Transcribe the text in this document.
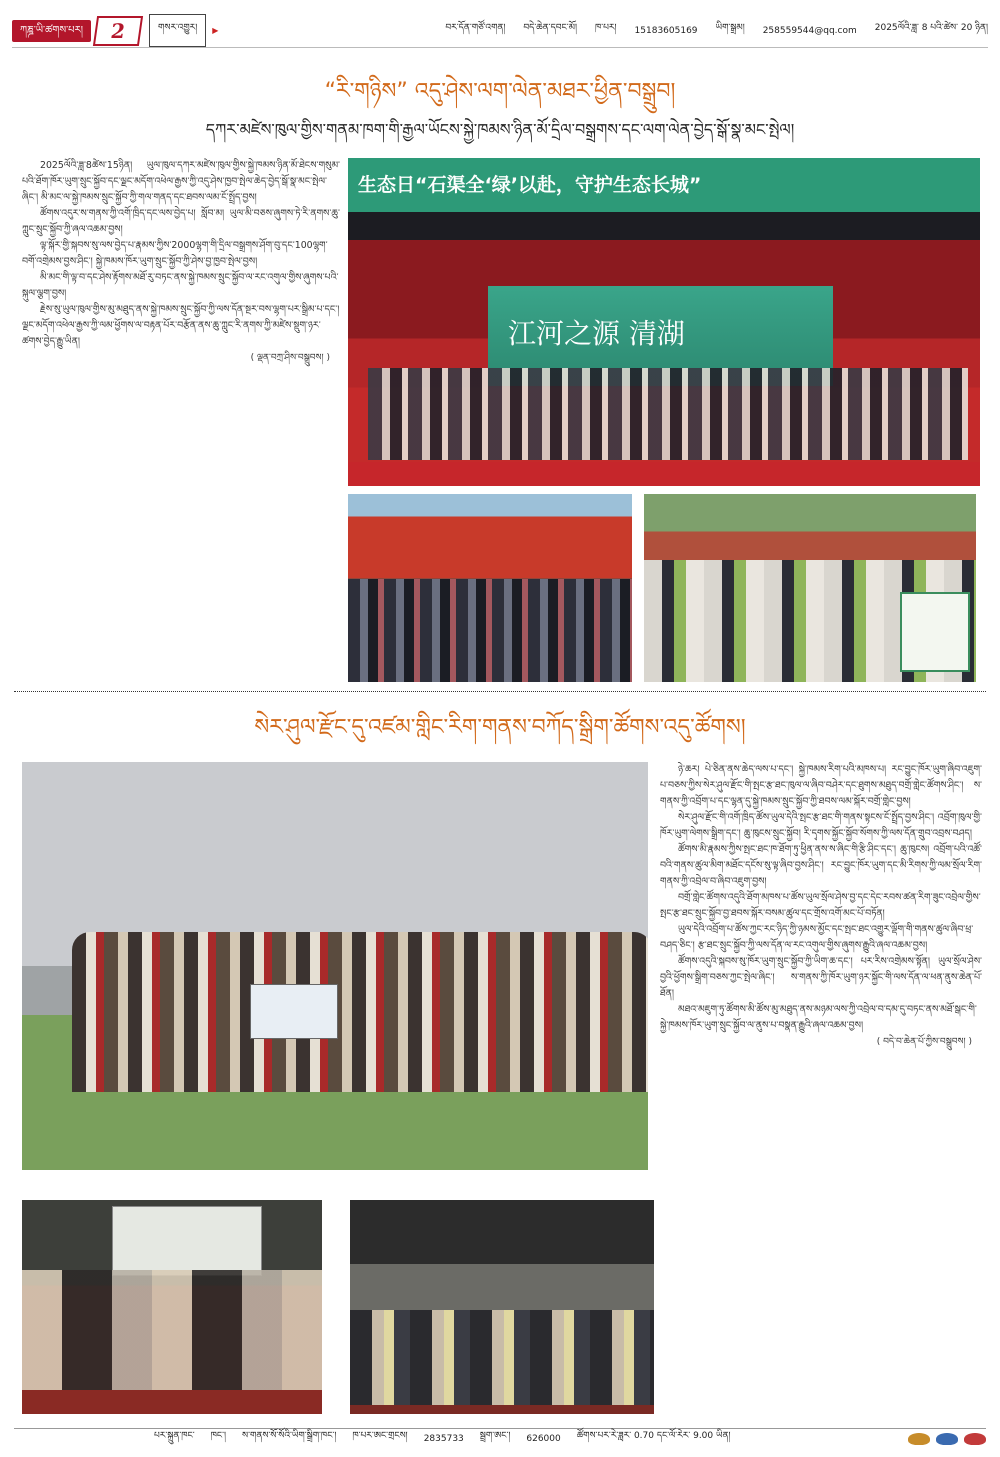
ཀཎྜ་ཡི་ཚགས་པར།	2	གསར་འགྱུར།	▶	བར་དོན་གཙོ་འགན། བདེ་ཆེན་དབང་མོ། ཁ་པར། 15183605169 ཡིག་སྒྲམ། 258559544@qq.com 2025ལོའི་ཟླ་ 8 པའི་ཚེས་ 20 ཉིན།
“རི་གཉིས” འདུ་ཤེས་ལག་ལེན་མཐར་ཕྱིན་བསྒྲུབ།
དཀར་མཛེས་ཁུལ་གྱིས་གནམ་ཁག་གི་རྒྱལ་ཡོངས་སྐྱེ་ཁམས་ཉིན་མོ་དྲིལ་བསྒྲགས་དང་ལག་ལེན་བྱེད་སྒོ་སྣ་མང་སྤེལ།

2025ལོའི་ཟླ་8ཚེས་15ཉིན། ཡུལ་ཁུལ་དཀར་མཛེས་ཁུལ་གྱིས་སྐྱེ་ཁམས་ཉིན་མོ་ཐེངས་གསུམ་པའི་ཐོག་ཁོར་ཡུག་སྲུང་སྐྱོབ་དང་ལྗང་མདོག་འཕེལ་རྒྱས་ཀྱི་འདུ་ཤེས་ཁྱབ་སྤེལ་ཆེད་བྱེད་སྒོ་སྣ་མང་སྤེལ་ཞིང་། མི་མང་ལ་སྐྱེ་ཁམས་སྲུང་སྐྱོབ་ཀྱི་གལ་གནད་དང་ཐབས་ལམ་ངོ་སྤྲོད་བྱས།

ཚོགས་འདུར་ས་གནས་ཀྱི་འགོ་ཁྲིད་དང་ལས་བྱེད་པ། སློབ་མ། ཡུལ་མི་བཅས་ཞུགས་ཏེ་རི་ནགས་ཆུ་ཀླུང་སྲུང་སྐྱོབ་ཀྱི་ཞལ་འཆམ་བྱས།

ལྟ་སྐོར་གྱི་སྐབས་སུ་ལས་བྱེད་པ་རྣམས་ཀྱིས་2000ལྷག་གི་དྲིལ་བསྒྲགས་ཤོག་བུ་དང་100ལྷག་བགོ་འགྲེམས་བྱས་ཤིང་། སྐྱེ་ཁམས་ཁོར་ཡུག་སྲུང་སྐྱོབ་ཀྱི་ཤེས་བྱ་ཁྱབ་སྤེལ་བྱས།

མི་མང་གི་ལྟ་བ་དང་ཤེས་རྟོགས་མཐོ་རུ་བཏང་ནས་སྐྱེ་ཁམས་སྲུང་སྐྱོབ་ལ་རང་འགུལ་གྱིས་ཞུགས་པའི་སྐུལ་ལྕག་བྱས།

རྗེས་སུ་ཡུལ་ཁུལ་གྱིས་མུ་མཐུད་ནས་སྐྱེ་ཁམས་སྲུང་སྐྱོབ་ཀྱི་ལས་དོན་སྔར་བས་ལྷག་པར་སྒྲིམ་པ་དང་། ལྗང་མདོག་འཕེལ་རྒྱས་ཀྱི་ལམ་ཕྱོགས་ལ་བརྟན་པོར་བརྩོན་ནས་ཆུ་ཀླུང་རི་ནགས་ཀྱི་མཛེས་སྡུག་ཉར་ཚགས་བྱེད་རྒྱུ་ཡིན།

( ལྡན་བཀྲ་ཤིས་བསྒྲུབས། )
生态日“石渠全‘绿’以赴，守护生态长城”
江河之源 清湖
སེར་ཤུལ་རྫོང་དུ་འཛམ་གླིང་རིག་གནས་བཀོད་སྒྲིག་ཚོགས་འདུ་ཚོགས།

ཉེ་ཆར། པེ་ཅིན་ནས་ཆེད་ལས་པ་དང་། སྐྱེ་ཁམས་རིག་པའི་མཁས་པ། རང་བྱུང་ཁོར་ཡུག་ཞིབ་འཇུག་པ་བཅས་ཀྱིས་སེར་ཤུལ་རྫོང་གི་སྤང་རྩ་ཐང་ཁུལ་ལ་ཞིབ་བཤེར་དང་ཐུགས་མཐུད་བགྲོ་གླེང་ཚོགས་ཤིང་། ས་གནས་ཀྱི་འབྲོག་པ་དང་ལྷན་དུ་སྐྱེ་ཁམས་སྲུང་སྐྱོབ་ཀྱི་ཐབས་ལམ་སྐོར་བགྲོ་གླེང་བྱས།

སེར་ཤུལ་རྫོང་གི་འགོ་ཁྲིད་ཚོས་ཡུལ་དེའི་སྤང་རྩ་ཐང་གི་གནས་སྟངས་ངོ་སྤྲོད་བྱས་ཤིང་། འབྲོག་ཁུལ་གྱི་ཁོར་ཡུག་ལེགས་སྒྲིག་དང་། ཆུ་ཁུངས་སྲུང་སྐྱོབ། རི་དྭགས་སྐྱོང་སྐྱོབ་སོགས་ཀྱི་ལས་དོན་གྲུབ་འབྲས་བཤད།

ཚོགས་མི་རྣམས་ཀྱིས་སྤང་ཐང་ཁ་ཐོག་ཏུ་ཕྱིན་ནས་ས་ཞིང་གི་རྩི་ཤིང་དང་། ཆུ་ཁུངས། འབྲོག་པའི་འཚོ་བའི་གནས་ཚུལ་མིག་མཐོང་དངོས་སུ་ལྟ་ཞིབ་བྱས་ཤིང་། རང་བྱུང་ཁོར་ཡུག་དང་མི་རིགས་ཀྱི་ལམ་སྲོལ་རིག་གནས་ཀྱི་འབྲེལ་བ་ཞིབ་འཇུག་བྱས།

བགྲོ་གླེང་ཚོགས་འདུའི་ཐོག་མཁས་པ་ཚོས་ཡུལ་སྲོལ་ཤེས་བྱ་དང་དེང་རབས་ཚན་རིག་ཟུང་འབྲེལ་གྱིས་སྤང་རྩ་ཐང་སྲུང་སྐྱོབ་བྱ་ཐབས་སྐོར་བསམ་ཚུལ་དང་གྲོས་འགོ་མང་པོ་བཏོན།

ཡུལ་དེའི་འབྲོག་པ་ཚོས་ཀྱང་རང་ཉིད་ཀྱི་ཉམས་མྱོང་དང་སྤང་ཐང་འགྱུར་ལྡོག་གི་གནས་ཚུལ་ཞིབ་ཕྲ་བཤད་ཅིང་། རྩ་ཐང་སྲུང་སྐྱོབ་ཀྱི་ལས་དོན་ལ་རང་འགུལ་གྱིས་ཞུགས་རྒྱུའི་ཞལ་འཆམ་བྱས།

ཚོགས་འདུའི་སྐབས་སུ་ཁོར་ཡུག་སྲུང་སྐྱོབ་ཀྱི་ཡིག་ཆ་དང་། པར་རིས་འགྲེམས་སྟོན། ཡུལ་སྲོལ་ཤེས་བྱའི་ཕྱོགས་སྒྲིག་བཅས་ཀྱང་སྤེལ་ཞིང་། ས་གནས་ཀྱི་ཁོར་ཡུག་ཉར་སྐྱོང་གི་ལས་དོན་ལ་ཕན་ནུས་ཆེན་པོ་ཐོན།

མཐའ་མཇུག་ཏུ་ཚོགས་མི་ཚོས་མུ་མཐུད་ནས་མཉམ་ལས་ཀྱི་འབྲེལ་བ་དམ་དུ་བཏང་ནས་མཐོ་སྒང་གི་སྐྱེ་ཁམས་ཁོར་ཡུག་སྲུང་སྐྱོབ་ལ་ནུས་པ་བསྣན་རྒྱུའི་ཞལ་འཆམ་བྱས།

( བདེ་བ་ཆེན་པོ་ཀྱིས་བསྒྲུབས། )
པར་སྐྲུན་ཁང་ ཁང་། ས་གནས་སོ་སོའི་ཡིག་སྒྲིག་ཁང་། ཁ་པར་ཨང་གྲངས། 2835733 སྦྲག་ཨང་། 626000 ཚོགས་པར་རེ་ཟླར་ 0.70 དང་ལོ་རེར་ 9.00 ཡིན།
